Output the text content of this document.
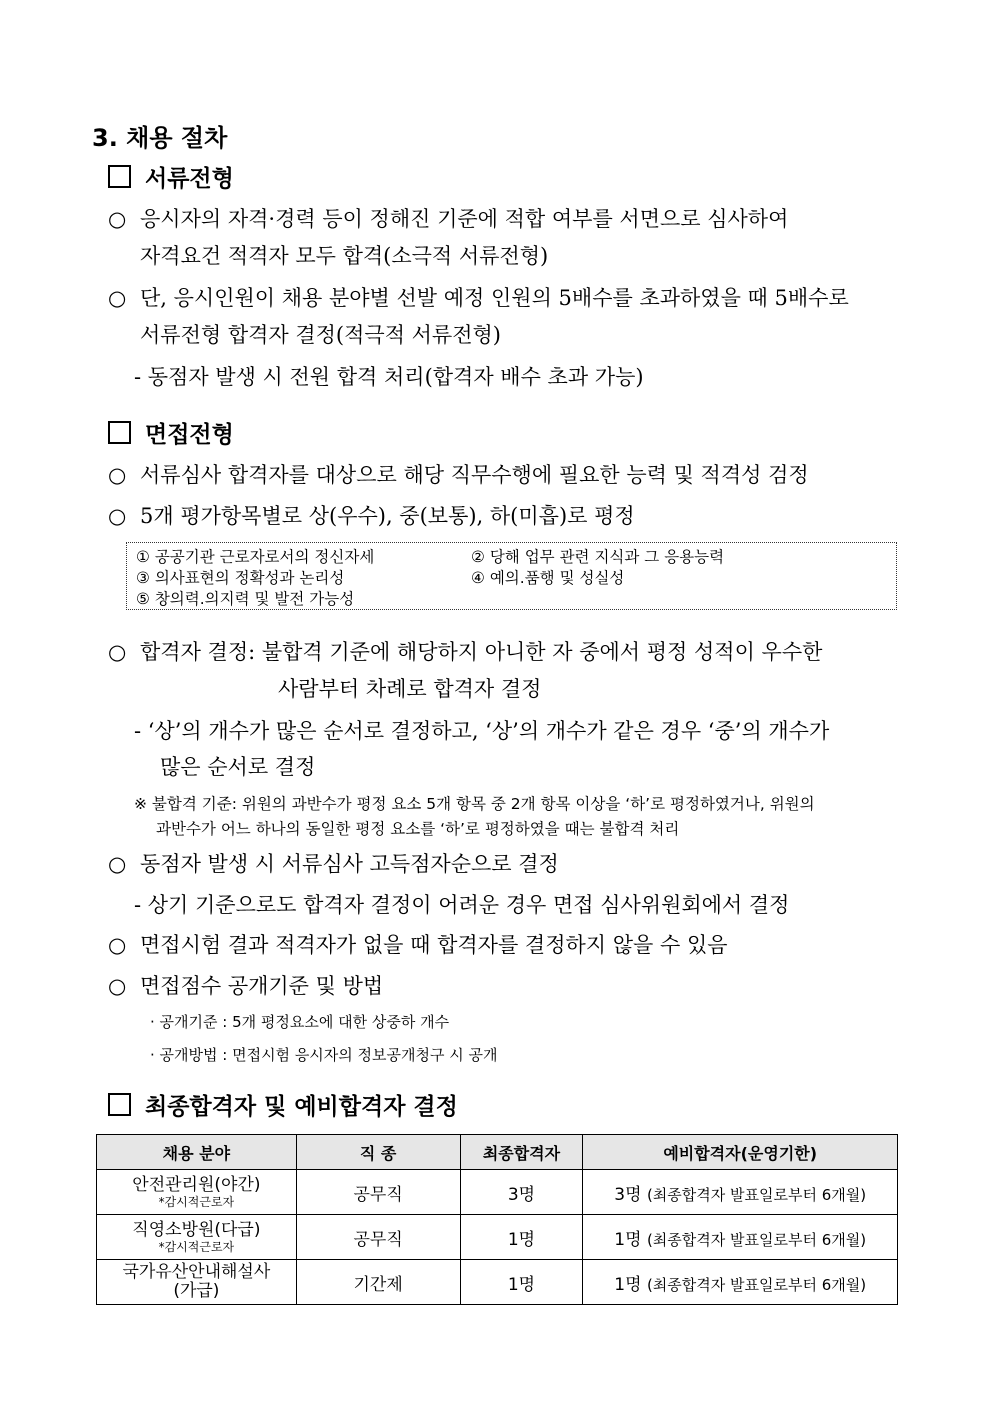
3. 채용 절차
서류전형
○ 응시자의 자격·경력 등이 정해진 기준에 적합 여부를 서면으로 심사하여
자격요건 적격자 모두 합격(소극적 서류전형)
○ 단, 응시인원이 채용 분야별 선발 예정 인원의 5배수를 초과하였을 때 5배수로
서류전형 합격자 결정(적극적 서류전형)
- 동점자 발생 시 전원 합격 처리(합격자 배수 초과 가능)
면접전형
○ 서류심사 합격자를 대상으로 해당 직무수행에 필요한 능력 및 적격성 검정
○ 5개 평가항목별로 상(우수), 중(보통), 하(미흡)로 평정
① 공공기관 근로자로서의 정신자세	② 당해 업무 관련 지식과 그 응용능력
③ 의사표현의 정확성과 논리성	④ 예의.품행 및 성실성
⑤ 창의력.의지력 및 발전 가능성
○ 합격자 결정: 불합격 기준에 해당하지 아니한 자 중에서 평정 성적이 우수한
사람부터 차례로 합격자 결정
- ‘상’의 개수가 많은 순서로 결정하고, ‘상’의 개수가 같은 경우 ‘중’의 개수가
많은 순서로 결정
※ 불합격 기준: 위원의 과반수가 평정 요소 5개 항목 중 2개 항목 이상을 ‘하’로 평정하였거나, 위원의
과반수가 어느 하나의 동일한 평정 요소를 ‘하’로 평정하였을 때는 불합격 처리
○ 동점자 발생 시 서류심사 고득점자순으로 결정
- 상기 기준으로도 합격자 결정이 어려운 경우 면접 심사위원회에서 결정
○ 면접시험 결과 적격자가 없을 때 합격자를 결정하지 않을 수 있음
○ 면접점수 공개기준 및 방법
· 공개기준 : 5개 평정요소에 대한 상중하 개수
· 공개방법 : 면접시험 응시자의 정보공개청구 시 공개
최종합격자 및 예비합격자 결정
채용 분야	직 종	최종합격자	예비합격자(운영기한)

안전관리원(야간)
*감시적근로자	공무직	3명	3명 (최종합격자 발표일로부터 6개월)

직영소방원(다급)
*감시적근로자	공무직	1명	1명 (최종합격자 발표일로부터 6개월)

국가유산안내해설사
(가급)	기간제	1명	1명 (최종합격자 발표일로부터 6개월)
